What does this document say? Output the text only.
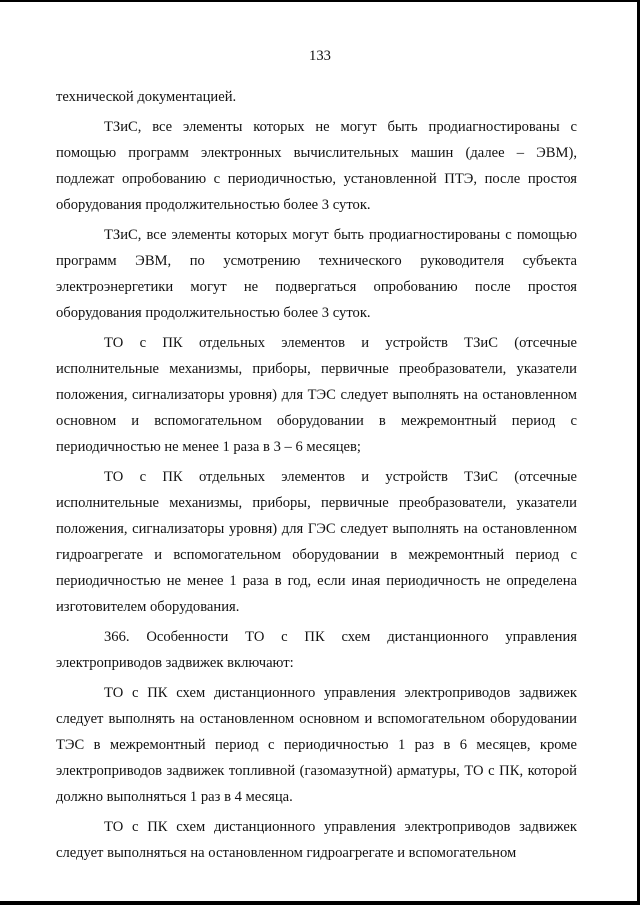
133

технической документацией.

ТЗиС, все элементы которых не могут быть продиагностированы с помощью программ электронных вычислительных машин (далее – ЭВМ), подлежат опробованию с периодичностью, установленной ПТЭ, после простоя оборудования продолжительностью более 3 суток.

ТЗиС, все элементы которых могут быть продиагностированы с помощью программ ЭВМ, по усмотрению технического руководителя субъекта электроэнергетики могут не подвергаться опробованию после простоя оборудования продолжительностью более 3 суток.

ТО с ПК отдельных элементов и устройств ТЗиС (отсечные исполнительные механизмы, приборы, первичные преобразователи, указатели положения, сигнализаторы уровня) для ТЭС следует выполнять на остановленном основном и вспомогательном оборудовании в межремонтный период с периодичностью не менее 1 раза в 3 – 6 месяцев;

ТО с ПК отдельных элементов и устройств ТЗиС (отсечные исполнительные механизмы, приборы, первичные преобразователи, указатели положения, сигнализаторы уровня) для ГЭС следует выполнять на остановленном гидроагрегате и вспомогательном оборудовании в межремонтный период с периодичностью не менее 1 раза в год, если иная периодичность не определена изготовителем оборудования.

366. Особенности ТО с ПК схем дистанционного управления электроприводов задвижек включают:

ТО с ПК схем дистанционного управления электроприводов задвижек следует выполнять на остановленном основном и вспомогательном оборудовании ТЭС в межремонтный период с периодичностью 1 раз в 6 месяцев, кроме электроприводов задвижек топливной (газомазутной) арматуры, ТО с ПК, которой должно выполняться 1 раз в 4 месяца.

ТО с ПК схем дистанционного управления электроприводов задвижек следует выполняться на остановленном гидроагрегате и вспомогательном
